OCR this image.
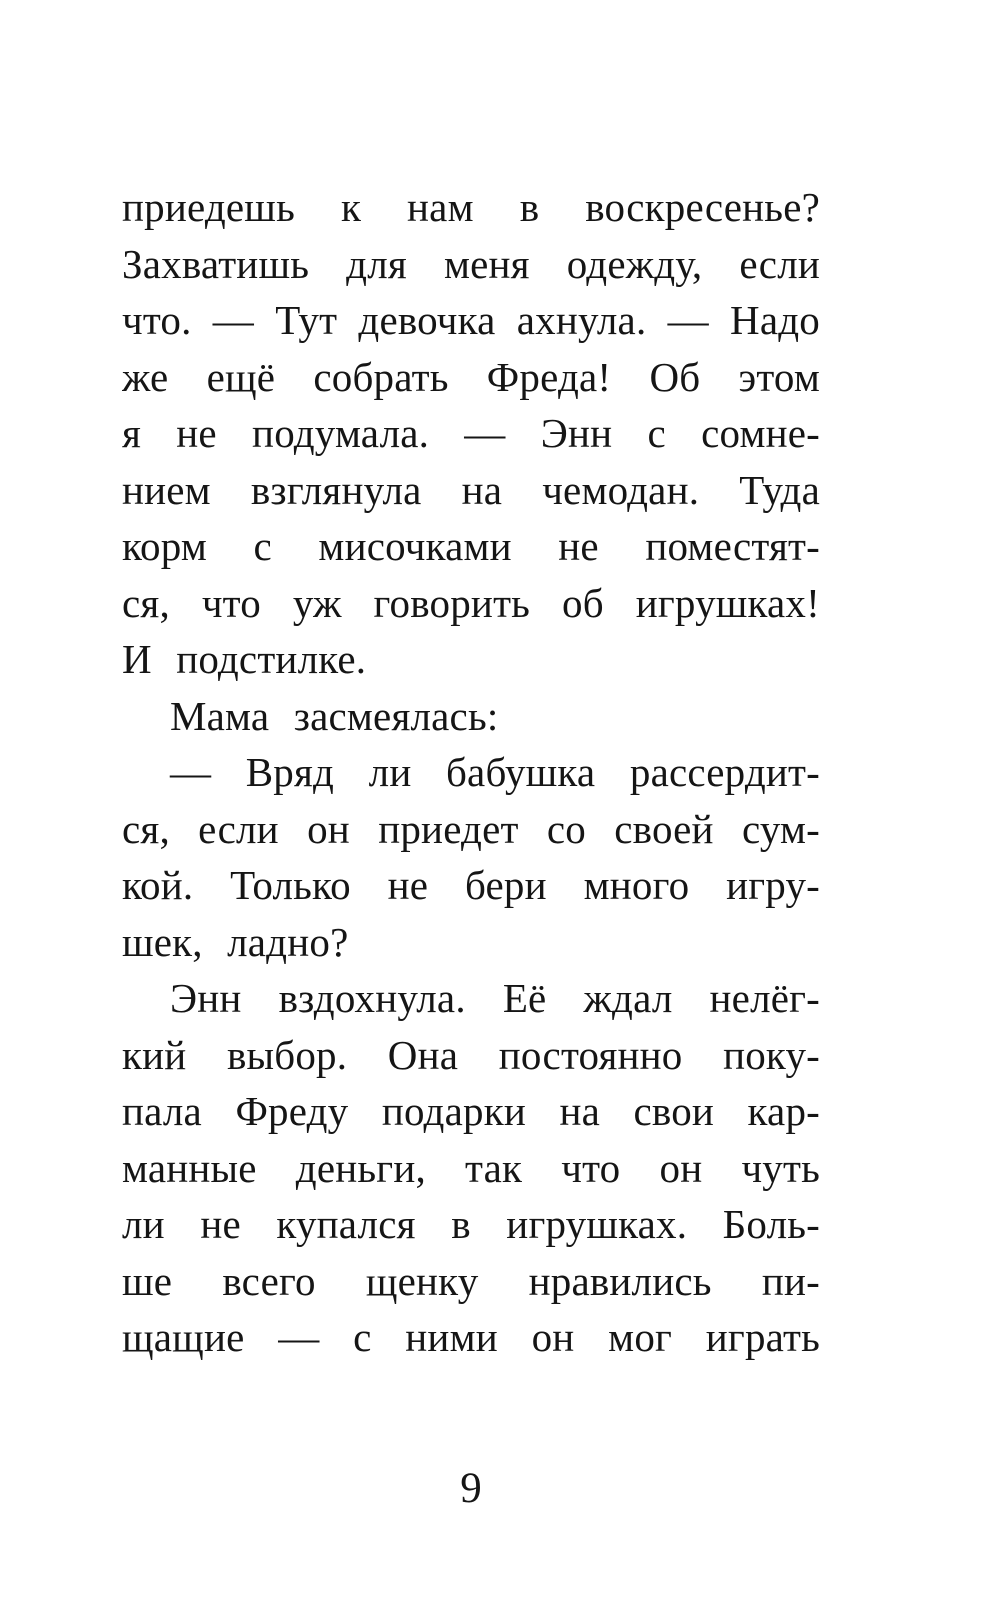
приедешь к нам в воскресенье?
Захватишь для меня одежду, если
что. — Тут девочка ахнула. — Надо
же ещё собрать Фреда! Об этом
я не подумала. — Энн с сомне-
нием взглянула на чемодан. Туда
корм с мисочками не поместят-
ся, что уж говорить об игрушках!
И подстилке.
Мама засмеялась:
— Вряд ли бабушка рассердит-
ся, если он приедет со своей сум-
кой. Только не бери много игру-
шек, ладно?
Энн вздохнула. Её ждал нелёг-
кий выбор. Она постоянно поку-
пала Фреду подарки на свои кар-
манные деньги, так что он чуть
ли не купался в игрушках. Боль-
ше всего щенку нравились пи-
щащие — с ними он мог играть
9
